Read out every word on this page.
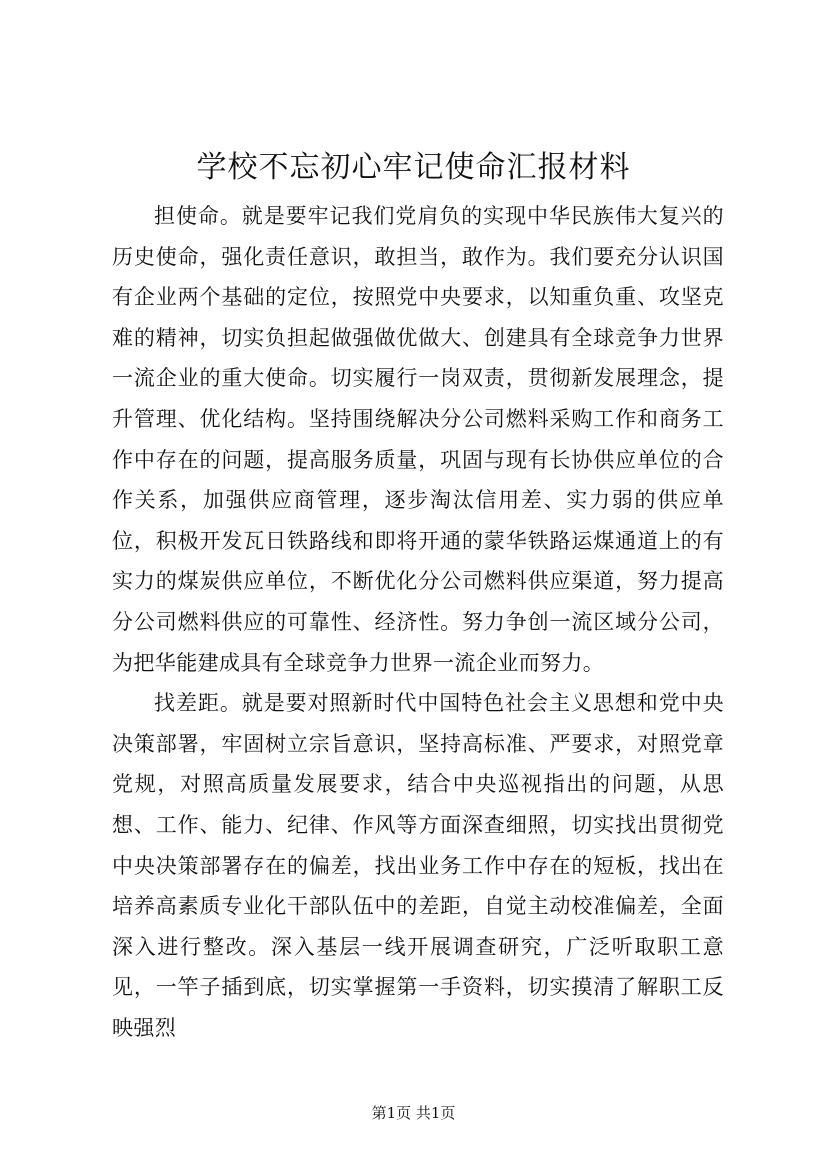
学校不忘初心牢记使命汇报材料

担使命。就是要牢记我们党肩负的实现中华民族伟大复兴的历史使命，强化责任意识，敢担当，敢作为。我们要充分认识国有企业两个基础的定位，按照党中央要求，以知重负重、攻坚克难的精神，切实负担起做强做优做大、创建具有全球竞争力世界一流企业的重大使命。切实履行一岗双责，贯彻新发展理念，提升管理、优化结构。坚持围绕解决分公司燃料采购工作和商务工作中存在的问题，提高服务质量，巩固与现有长协供应单位的合作关系，加强供应商管理，逐步淘汰信用差、实力弱的供应单位，积极开发瓦日铁路线和即将开通的蒙华铁路运煤通道上的有实力的煤炭供应单位，不断优化分公司燃料供应渠道，努力提高分公司燃料供应的可靠性、经济性。努力争创一流区域分公司，为把华能建成具有全球竞争力世界一流企业而努力。

找差距。就是要对照新时代中国特色社会主义思想和党中央决策部署，牢固树立宗旨意识，坚持高标准、严要求，对照党章党规，对照高质量发展要求，结合中央巡视指出的问题，从思想、工作、能力、纪律、作风等方面深查细照，切实找出贯彻党中央决策部署存在的偏差，找出业务工作中存在的短板，找出在培养高素质专业化干部队伍中的差距，自觉主动校准偏差，全面深入进行整改。深入基层一线开展调查研究，广泛听取职工意见，一竿子插到底，切实掌握第一手资料，切实摸清了解职工反映强烈

第1页 共1页
